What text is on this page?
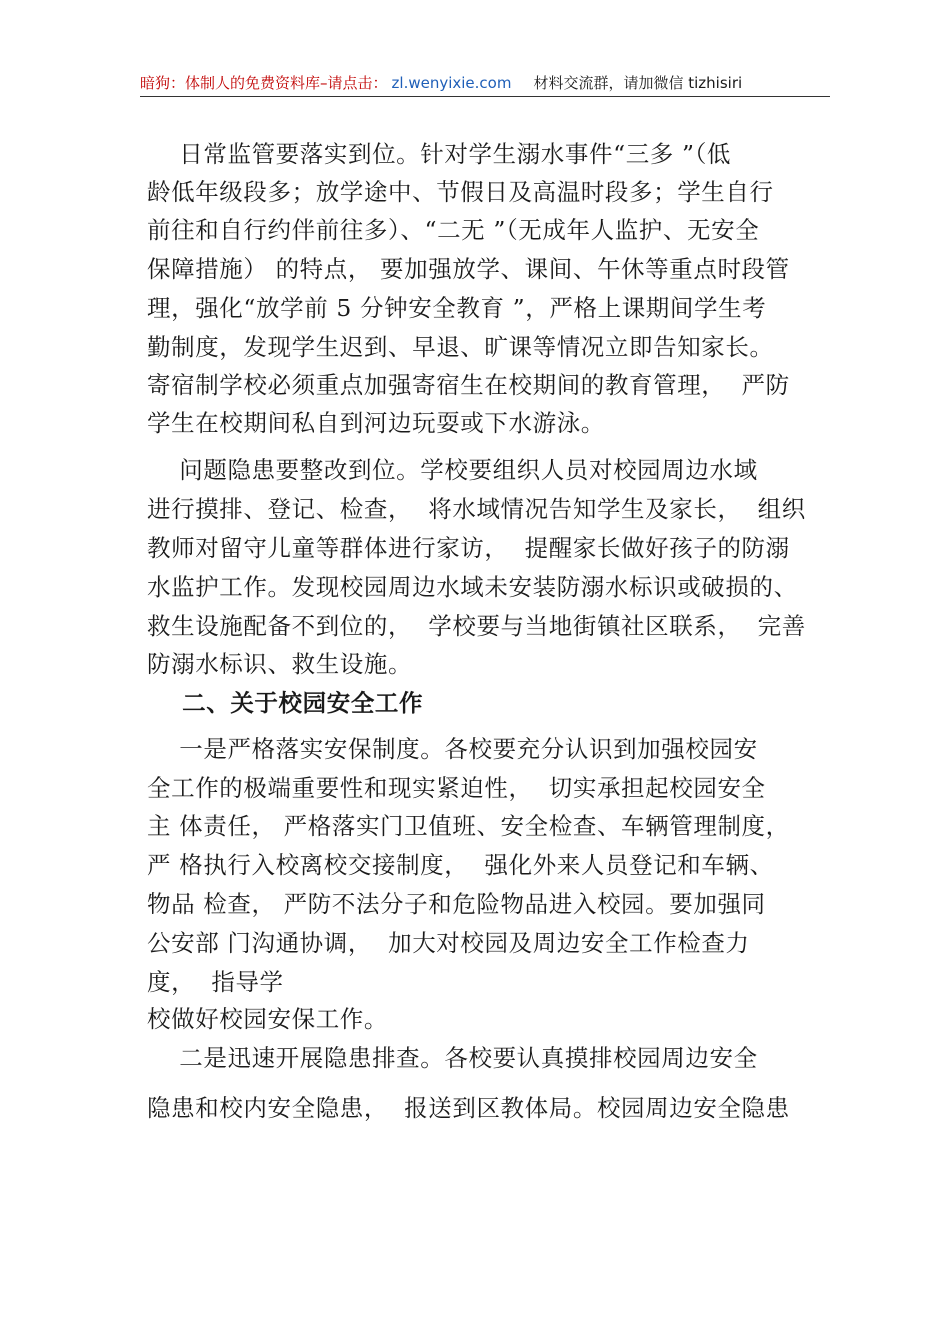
暗狗：体制人的免费资料库 –请点击： zl.wenyixie.com 材料交流群，请加微信 tizhisiri
日常监管要落实到位。针对学生溺水事件“三多 ”（低
龄低年级段多；放学途中、节假日及高温时段多；学生自行
前往和自行约伴前往多）、“二无 ”（无成年人监护、无安全
保障措施） 的特点， 要加强放学、课间、午休等重点时段管
理，强化“放学前 5 分钟安全教育 ”，严格上课期间学生考
勤制度，发现学生迟到、早退、旷课等情况立即告知家长。
寄宿制学校必须重点加强寄宿生在校期间的教育管理，  严防
学生在校期间私自到河边玩耍或下水游泳。
问题隐患要整改到位。学校要组织人员对校园周边水域
进行摸排、登记、检查，  将水域情况告知学生及家长，  组织
教师对留守儿童等群体进行家访，  提醒家长做好孩子的防溺
水监护工作。发现校园周边水域未安装防溺水标识或破损的、
救生设施配备不到位的，  学校要与当地街镇社区联系，  完善
防溺水标识、救生设施。
二、关于校园安全工作
一是严格落实安保制度。各校要充分认识到加强校园安
全工作的极端重要性和现实紧迫性，  切实承担起校园安全
主 体责任， 严格落实门卫值班、安全检查、车辆管理制度，
严 格执行入校离校交接制度，  强化外来人员登记和车辆、
物品 检查， 严防不法分子和危险物品进入校园。要加强同
公安部 门沟通协调，  加大对校园及周边安全工作检查力
度，  指导学
校做好校园安保工作。
二是迅速开展隐患排查。各校要认真摸排校园周边安全
隐患和校内安全隐患，  报送到区教体局。校园周边安全隐患
